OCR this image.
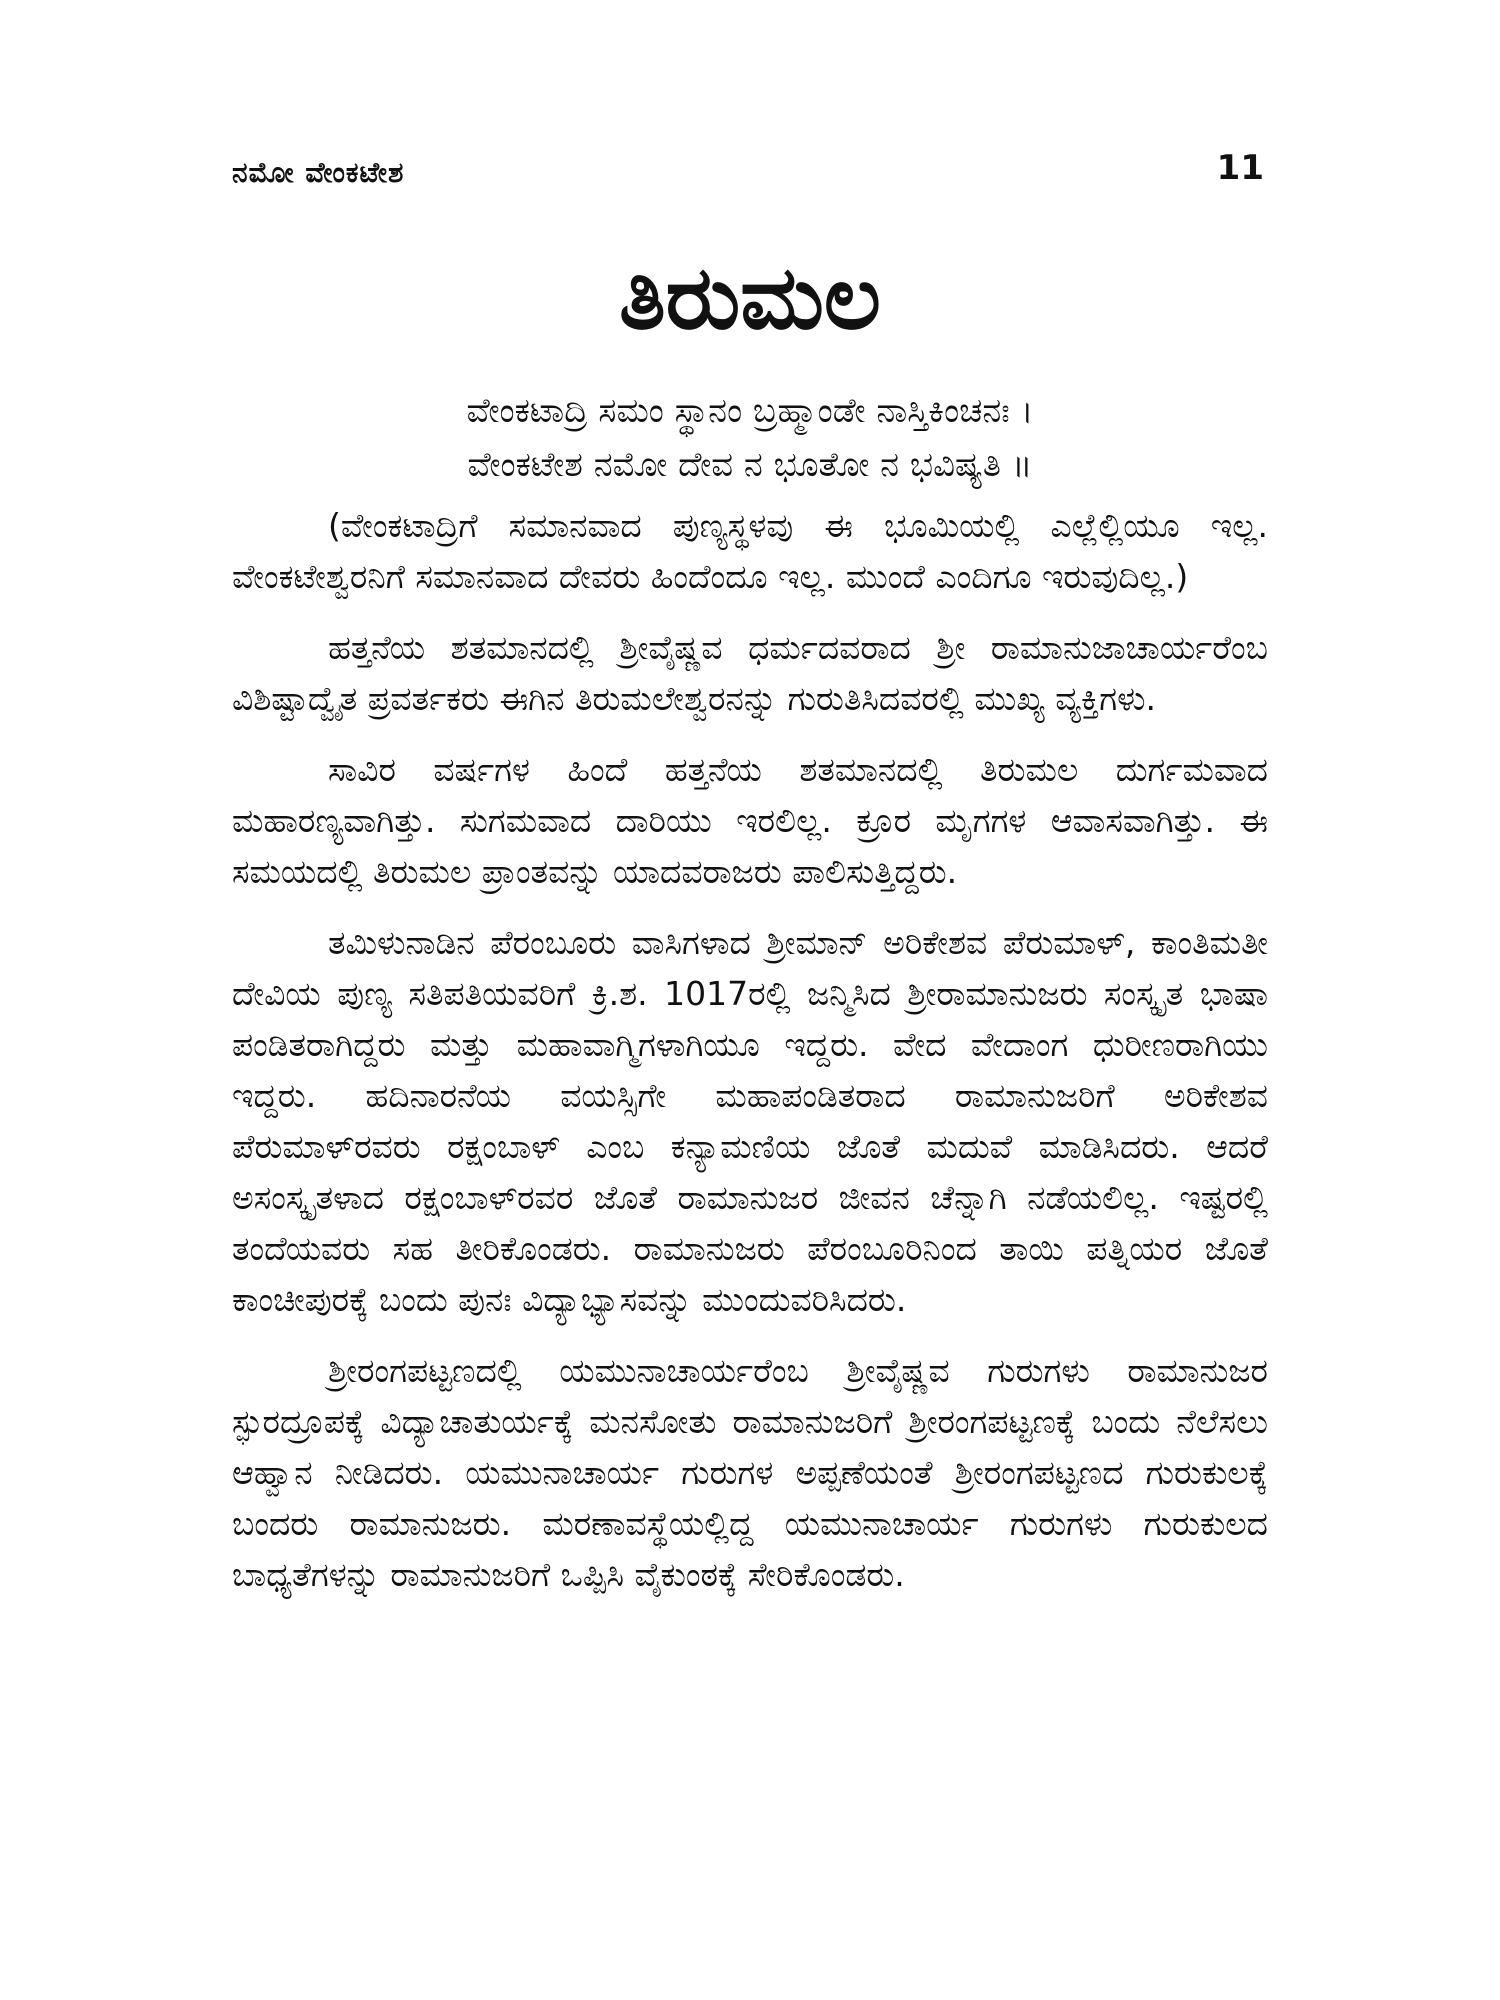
ನಮೋ ವೇಂಕಟೇಶ	11
ತಿರುಮಲ
ವೇಂಕಟಾದ್ರಿ ಸಮಂ ಸ್ಥಾನಂ ಬ್ರಹ್ಮಾಂಡೇ ನಾಸ್ತಿಕಿಂಚನಃ ।
ವೇಂಕಟೇಶ ನಮೋ ದೇವ ನ ಭೂತೋ ನ ಭವಿಷ್ಯತಿ ॥

(ವೇಂಕಟಾದ್ರಿಗೆ ಸಮಾನವಾದ ಪುಣ್ಯಸ್ಥಳವು ಈ ಭೂಮಿಯಲ್ಲಿ ಎಲ್ಲೆಲ್ಲಿಯೂ ಇಲ್ಲ. ವೇಂಕಟೇಶ್ವರನಿಗೆ ಸಮಾನವಾದ ದೇವರು ಹಿಂದೆಂದೂ ಇಲ್ಲ. ಮುಂದೆ ಎಂದಿಗೂ ಇರುವುದಿಲ್ಲ.)

ಹತ್ತನೆಯ ಶತಮಾನದಲ್ಲಿ ಶ್ರೀವೈಷ್ಣವ ಧರ್ಮದವರಾದ ಶ್ರೀ ರಾಮಾನುಜಾಚಾರ್ಯರೆಂಬ ವಿಶಿಷ್ಟಾದ್ವೈತ ಪ್ರವರ್ತಕರು ಈಗಿನ ತಿರುಮಲೇಶ್ವರನನ್ನು ಗುರುತಿಸಿದವರಲ್ಲಿ ಮುಖ್ಯ ವ್ಯಕ್ತಿಗಳು.

ಸಾವಿರ ವರ್ಷಗಳ ಹಿಂದೆ ಹತ್ತನೆಯ ಶತಮಾನದಲ್ಲಿ ತಿರುಮಲ ದುರ್ಗಮವಾದ ಮಹಾರಣ್ಯವಾಗಿತ್ತು. ಸುಗಮವಾದ ದಾರಿಯು ಇರಲಿಲ್ಲ. ಕ್ರೂರ ಮೃಗಗಳ ಆವಾಸವಾಗಿತ್ತು. ಈ ಸಮಯದಲ್ಲಿ ತಿರುಮಲ ಪ್ರಾಂತವನ್ನು ಯಾದವರಾಜರು ಪಾಲಿಸುತ್ತಿದ್ದರು.

ತಮಿಳುನಾಡಿನ ಪೆರಂಬೂರು ವಾಸಿಗಳಾದ ಶ್ರೀಮಾನ್ ಅರಿಕೇಶವ ಪೆರುಮಾಳ್, ಕಾಂತಿಮತೀ ದೇವಿಯ ಪುಣ್ಯ ಸತಿಪತಿಯವರಿಗೆ ಕ್ರಿ.ಶ. 1017ರಲ್ಲಿ ಜನ್ಮಿಸಿದ ಶ್ರೀರಾಮಾನುಜರು ಸಂಸ್ಕೃತ ಭಾಷಾ ಪಂಡಿತರಾಗಿದ್ದರು ಮತ್ತು ಮಹಾವಾಗ್ಮಿಗಳಾಗಿಯೂ ಇದ್ದರು. ವೇದ ವೇದಾಂಗ ಧುರೀಣರಾಗಿಯು ಇದ್ದರು. ಹದಿನಾರನೆಯ ವಯಸ್ಸಿಗೇ ಮಹಾಪಂಡಿತರಾದ ರಾಮಾನುಜರಿಗೆ ಅರಿಕೇಶವ ಪೆರುಮಾಳ್‌ರವರು ರಕ್ಷಂಬಾಳ್ ಎಂಬ ಕನ್ಯಾಮಣಿಯ ಜೊತೆ ಮದುವೆ ಮಾಡಿಸಿದರು. ಆದರೆ ಅಸಂಸ್ಕೃತಳಾದ ರಕ್ಷಂಬಾಳ್‌ರವರ ಜೊತೆ ರಾಮಾನುಜರ ಜೀವನ ಚೆನ್ನಾಗಿ ನಡೆಯಲಿಲ್ಲ. ಇಷ್ಟರಲ್ಲಿ ತಂದೆಯವರು ಸಹ ತೀರಿಕೊಂಡರು. ರಾಮಾನುಜರು ಪೆರಂಬೂರಿನಿಂದ ತಾಯಿ ಪತ್ನಿಯರ ಜೊತೆ ಕಾಂಚೀಪುರಕ್ಕೆ ಬಂದು ಪುನಃ ವಿದ್ಯಾಭ್ಯಾಸವನ್ನು ಮುಂದುವರಿಸಿದರು.

ಶ್ರೀರಂಗಪಟ್ಟಣದಲ್ಲಿ ಯಮುನಾಚಾರ್ಯರೆಂಬ ಶ್ರೀವೈಷ್ಣವ ಗುರುಗಳು ರಾಮಾನುಜರ ಸ್ಫುರದ್ರೂಪಕ್ಕೆ ವಿದ್ಯಾಚಾತುರ್ಯಕ್ಕೆ ಮನಸೋತು ರಾಮಾನುಜರಿಗೆ ಶ್ರೀರಂಗಪಟ್ಟಣಕ್ಕೆ ಬಂದು ನೆಲೆಸಲು ಆಹ್ವಾನ ನೀಡಿದರು. ಯಮುನಾಚಾರ್ಯ ಗುರುಗಳ ಅಪ್ಪಣೆಯಂತೆ ಶ್ರೀರಂಗಪಟ್ಟಣದ ಗುರುಕುಲಕ್ಕೆ ಬಂದರು ರಾಮಾನುಜರು. ಮರಣಾವಸ್ಥೆಯಲ್ಲಿದ್ದ ಯಮುನಾಚಾರ್ಯ ಗುರುಗಳು ಗುರುಕುಲದ ಬಾಧ್ಯತೆಗಳನ್ನು ರಾಮಾನುಜರಿಗೆ ಒಪ್ಪಿಸಿ ವೈಕುಂಠಕ್ಕೆ ಸೇರಿಕೊಂಡರು.
